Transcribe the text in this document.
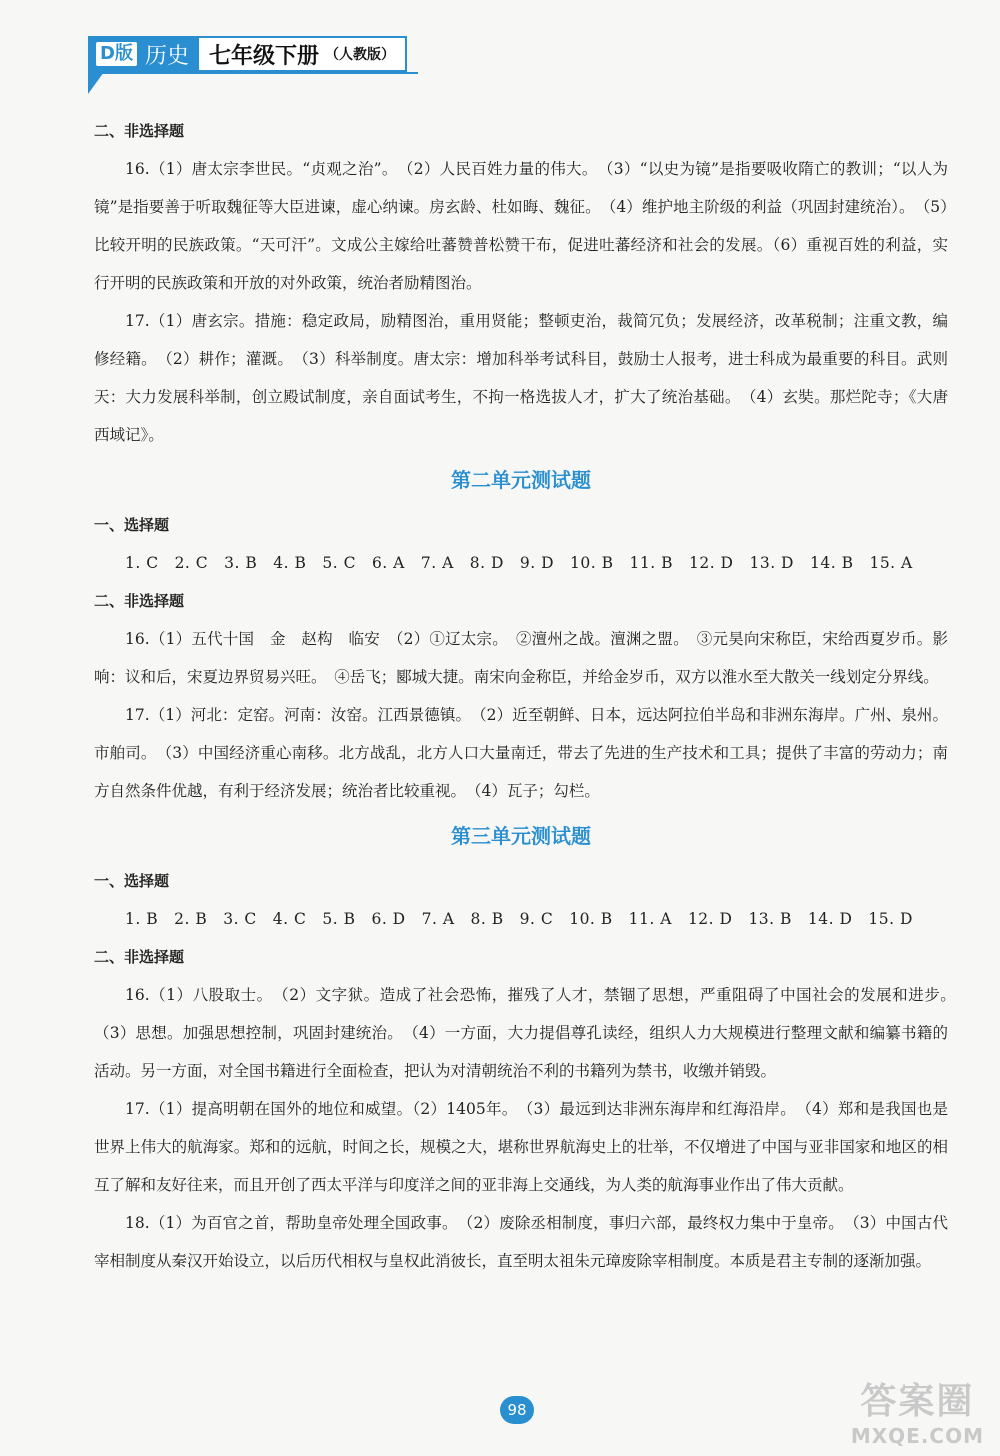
D版 历史 七年级下册 （人教版）

二、非选择题

16.（1）唐太宗李世民。“贞观之治”。　（2）人民百姓力量的伟大。　（3）“以史为镜”是指要吸收隋亡的教训；“以人为镜”是指要善于听取魏征等大臣进谏，虚心纳谏。房玄龄、杜如晦、魏征。　（4）维护地主阶级的利益（巩固封建统治）。　（5）比较开明的民族政策。“天可汗”。文成公主嫁给吐蕃赞普松赞干布，促进吐蕃经济和社会的发展。（6）重视百姓的利益，实行开明的民族政策和开放的对外政策，统治者励精图治。

17.（1）唐玄宗。措施：稳定政局，励精图治，重用贤能；整顿吏治，裁简冗负；发展经济，改革税制；注重文教，编修经籍。　（2）耕作；灌溉。　（3）科举制度。唐太宗：增加科举考试科目，鼓励士人报考，进士科成为最重要的科目。武则天：大力发展科举制，创立殿试制度，亲自面试考生，不拘一格选拔人才，扩大了统治基础。　（4）玄奘。那烂陀寺；《大唐西域记》。

第二单元测试题

一、选择题

1. C　2. C　3. B　4. B　5. C　6. A　7. A　8. D　9. D　10. B　11. B　12. D　13. D　14. B　15. A

二、非选择题

16.（1）五代十国　金　赵构　临安　（2）①辽太宗。　②澶州之战。澶渊之盟。　③元昊向宋称臣，宋给西夏岁币。影响：议和后，宋夏边界贸易兴旺。　④岳飞；郾城大捷。南宋向金称臣，并给金岁币，双方以淮水至大散关一线划定分界线。

17.（1）河北：定窑。河南：汝窑。江西景德镇。　（2）近至朝鲜、日本，远达阿拉伯半岛和非洲东海岸。广州、泉州。市舶司。　（3）中国经济重心南移。北方战乱，北方人口大量南迁，带去了先进的生产技术和工具；提供了丰富的劳动力；南方自然条件优越，有利于经济发展；统治者比较重视。　（4）瓦子；勾栏。

第三单元测试题

一、选择题

1. B　2. B　3. C　4. C　5. B　6. D　7. A　8. B　9. C　10. B　11. A　12. D　13. B　14. D　15. D

二、非选择题

16.（1）八股取士。　（2）文字狱。造成了社会恐怖，摧残了人才，禁锢了思想，严重阻碍了中国社会的发展和进步。　（3）思想。加强思想控制，巩固封建统治。　（4）一方面，大力提倡尊孔读经，组织人力大规模进行整理文献和编纂书籍的活动。另一方面，对全国书籍进行全面检查，把认为对清朝统治不利的书籍列为禁书，收缴并销毁。

17.（1）提高明朝在国外的地位和威望。（2）1405年。　（3）最远到达非洲东海岸和红海沿岸。　（4）郑和是我国也是世界上伟大的航海家。郑和的远航，时间之长，规模之大，堪称世界航海史上的壮举，不仅增进了中国与亚非国家和地区的相互了解和友好往来，而且开创了西太平洋与印度洋之间的亚非海上交通线，为人类的航海事业作出了伟大贡献。

18.（1）为百官之首，帮助皇帝处理全国政事。　（2）废除丞相制度，事归六部，最终权力集中于皇帝。　（3）中国古代宰相制度从秦汉开始设立，以后历代相权与皇权此消彼长，直至明太祖朱元璋废除宰相制度。本质是君主专制的逐渐加强。

98	答案圈
MXQE.COM
